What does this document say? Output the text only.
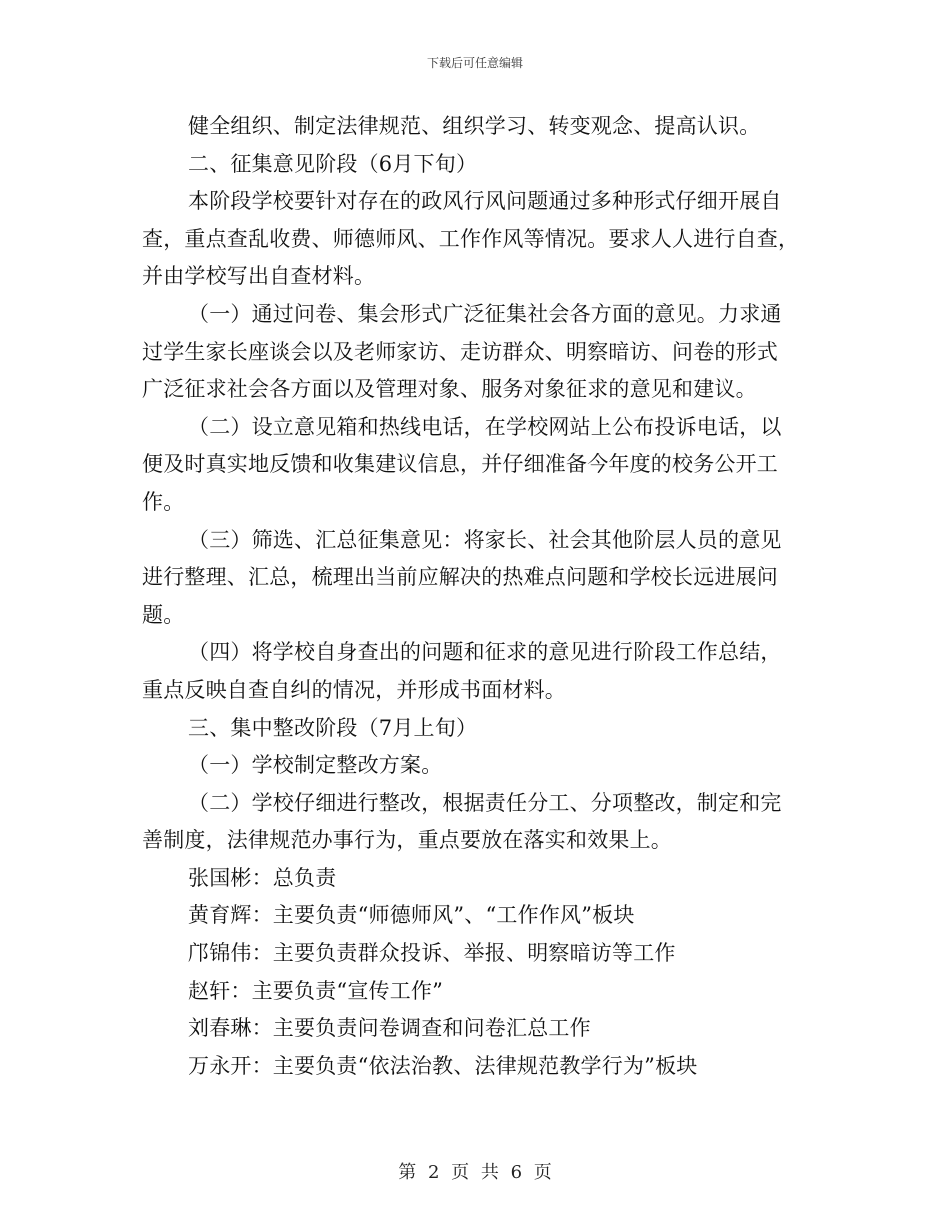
下载后可任意编辑
健全组织、制定法律规范、组织学习、转变观念、提高认识。
二、征集意见阶段（6月下旬）
本阶段学校要针对存在的政风行风问题通过多种形式仔细开展自
查，重点查乱收费、师德师风、工作作风等情况。要求人人进行自查，
并由学校写出自查材料。
（一）通过问卷、集会形式广泛征集社会各方面的意见。力求通
过学生家长座谈会以及老师家访、走访群众、明察暗访、问卷的形式
广泛征求社会各方面以及管理对象、服务对象征求的意见和建议。
（二）设立意见箱和热线电话，在学校网站上公布投诉电话，以
便及时真实地反馈和收集建议信息，并仔细准备今年度的校务公开工
作。
（三）筛选、汇总征集意见：将家长、社会其他阶层人员的意见
进行整理、汇总，梳理出当前应解决的热难点问题和学校长远进展问
题。
（四）将学校自身查出的问题和征求的意见进行阶段工作总结，
重点反映自查自纠的情况，并形成书面材料。
三、集中整改阶段（7月上旬）
（一）学校制定整改方案。
（二）学校仔细进行整改，根据责任分工、分项整改，制定和完
善制度，法律规范办事行为，重点要放在落实和效果上。
张国彬：总负责
黄育辉：主要负责“师德师风”、“工作作风”板块
邝锦伟：主要负责群众投诉、举报、明察暗访等工作
赵轩：主要负责“宣传工作”
刘春琳：主要负责问卷调查和问卷汇总工作
万永开：主要负责“依法治教、法律规范教学行为”板块
第 2 页 共 6 页
